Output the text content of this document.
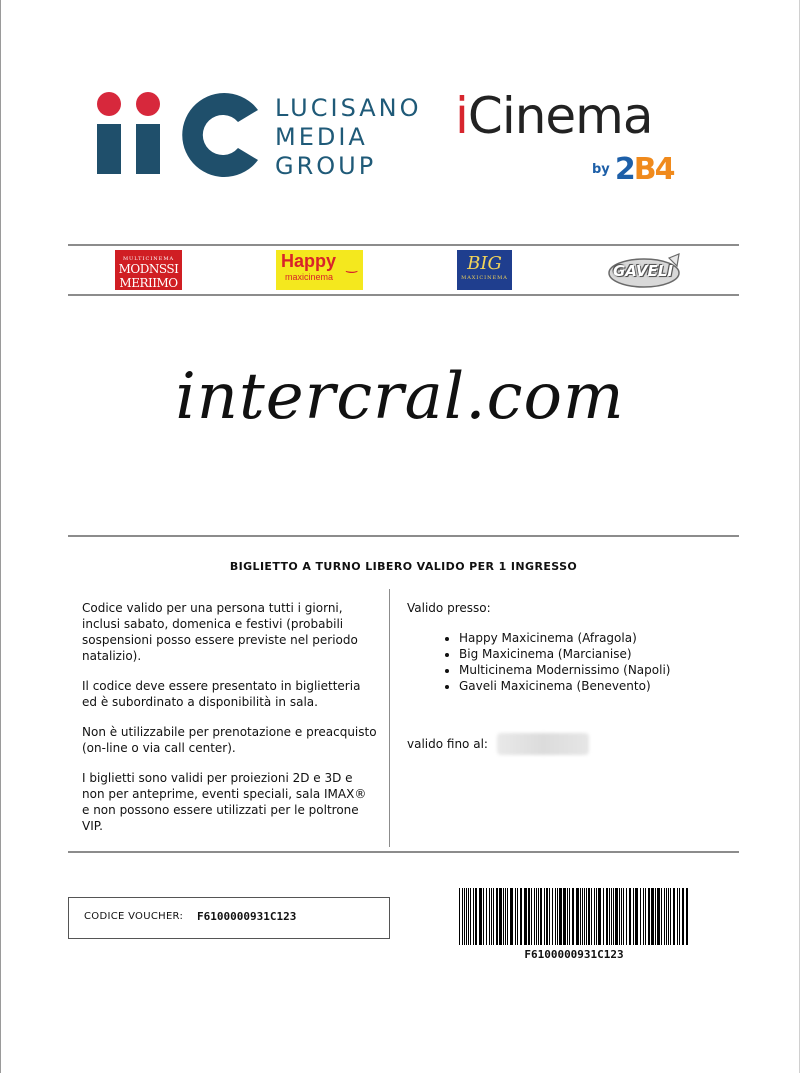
LUCISANO
MEDIA
GROUP
iCinema
by 2B4
MULTICINEMA
MODNSSI MERIIMO
Happy
maxicinema
‿	BIG
MAXICINEMA	GAVELI
intercral.com
BIGLIETTO A TURNO LIBERO VALIDO PER 1 INGRESSO

Codice valido per una persona tutti i giorni, inclusi sabato, domenica e festivi (probabili sospensioni posso essere previste nel periodo natalizio).

Il codice deve essere presentato in biglietteria ed è subordinato a disponibilità in sala.

Non è utilizzabile per prenotazione e preacquisto (on-line o via call center).

I biglietti sono validi per proiezioni 2D e 3D e non per anteprime, eventi speciali, sala IMAX® e non possono essere utilizzati per le poltrone VIP.

Valido presso:
• Happy Maxicinema (Afragola)
• Big Maxicinema (Marcianise)
• Multicinema Modernissimo (Napoli)
• Gaveli Maxicinema (Benevento)
valido fino al:
CODICE VOUCHER: F6100000931C123
F6100000931C123
